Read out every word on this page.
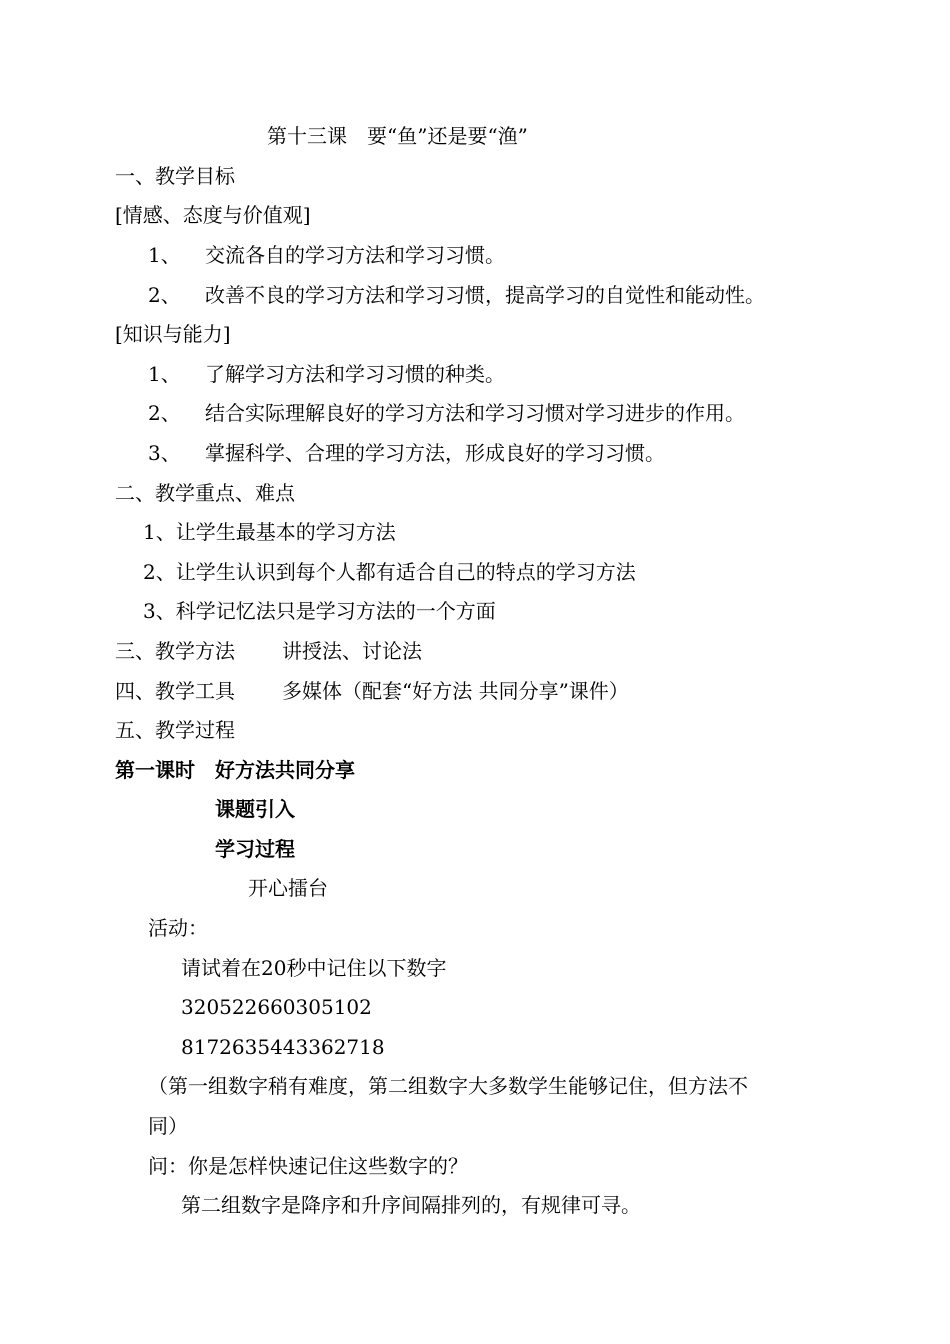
第十三课　要“鱼”还是要“渔”
一、教学目标
[情感、态度与价值观]
1、 交流各自的学习方法和学习习惯。
2、 改善不良的学习方法和学习习惯，提高学习的自觉性和能动性。
[知识与能力]
1、 了解学习方法和学习习惯的种类。
2、 结合实际理解良好的学习方法和学习习惯对学习进步的作用。
3、 掌握科学、合理的学习方法，形成良好的学习习惯。
二、教学重点、难点
1、让学生最基本的学习方法
2、让学生认识到每个人都有适合自己的特点的学习方法
3、科学记忆法只是学习方法的一个方面
三、教学方法 讲授法、讨论法
四、教学工具 多媒体（配套“好方法 共同分享”课件）
五、教学过程
第一课时　好方法共同分享
课题引入
学习过程
开心擂台
活动：
请试着在20秒中记住以下数字
320522660305102
8172635443362718
（第一组数字稍有难度，第二组数字大多数学生能够记住，但方法不
同）
问：你是怎样快速记住这些数字的？
第二组数字是降序和升序间隔排列的，有规律可寻。
